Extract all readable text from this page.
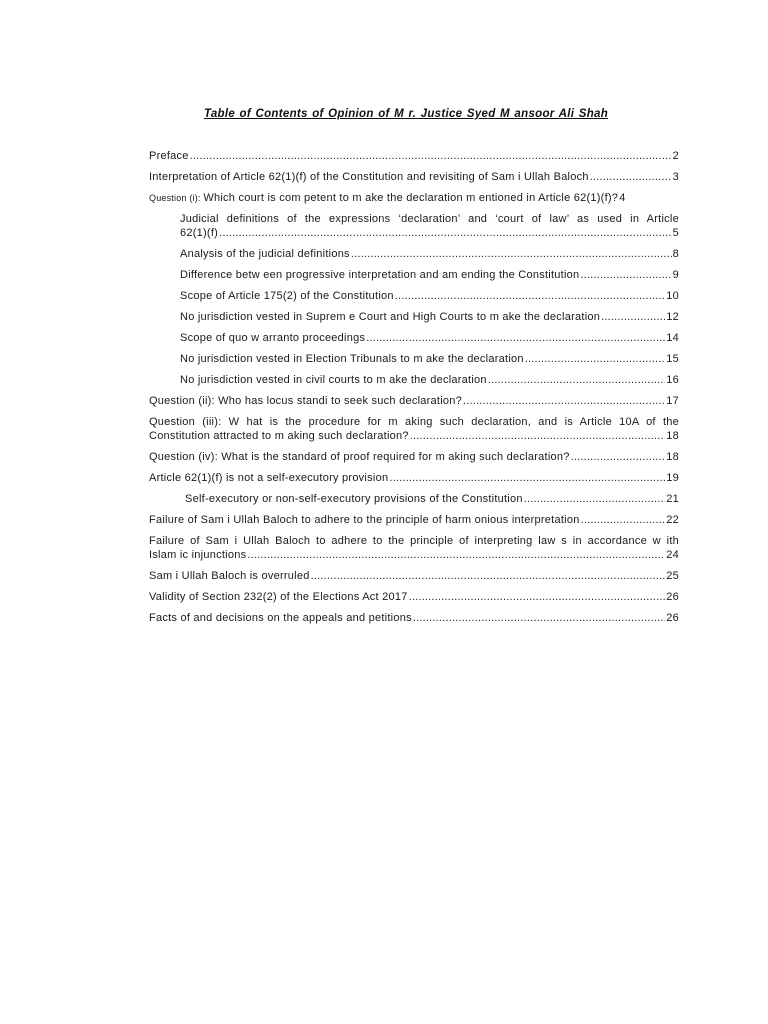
Table of Contents of Opinion of M r. Justice Syed M ansoor Ali Shah
Preface .....	2
Interpretation of Article 62(1)(f) of the Constitution and revisiting of Sam i Ullah Baloch .....	3
Question (i): Which court is com petent to m ake the declaration m entioned in Article 62(1)(f)? 4
Judicial definitions of the expressions ‘declaration’ and ‘court of law’ as used in Article
62(1)(f) .....	5
Analysis of the judicial definitions .....	8
Difference betw een progressive interpretation and am ending the Constitution .....	9
Scope of Article 175(2) of the Constitution .....	10
No jurisdiction vested in Suprem e Court and High Courts to m ake the declaration .....	12
Scope of quo w arranto proceedings .....	14
No jurisdiction vested in Election Tribunals to m ake the declaration .....	15
No jurisdiction vested in civil courts to m ake the declaration .....	16
Question (ii): Who has locus standi to seek such declaration? .....	17
Question (iii): W hat is the procedure for m aking such declaration, and is Article 10A of the
Constitution attracted to m aking such declaration? .....	18
Question (iv): What is the standard of proof required for m aking such declaration? .....	18
Article 62(1)(f) is not a self-executory provision .....	19
Self-executory or non-self-executory provisions of the Constitution .....	21
Failure of Sam i Ullah Baloch to adhere to the principle of harm onious interpretation .....	22
Failure of Sam i Ullah Baloch to adhere to the principle of interpreting law s in accordance w ith
Islam ic injunctions .....	24
Sam i Ullah Baloch is overruled .....	25
Validity of Section 232(2) of the Elections Act 2017 .....	26
Facts of and decisions on the appeals and petitions .....	26
